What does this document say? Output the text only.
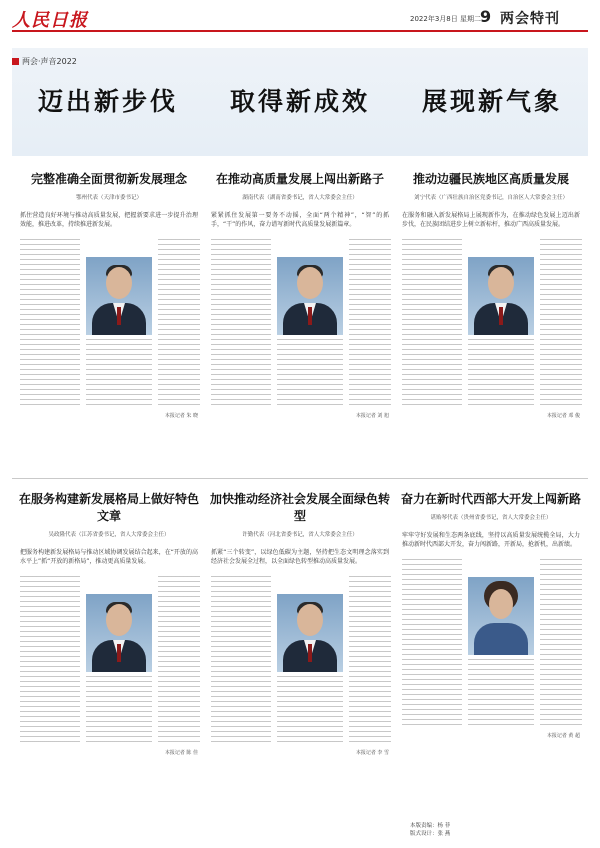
人民日报	2022年3月8日 星期二 9 两会特刊
两会·声音2022
迈出新步伐 取得新成效 展现新气象
完整准确全面贯彻新发展理念
鄂州代表（天津市委书记）
抓住营造良好环境与推动高质量发展，把握新要求进一步提升治理效能，推进改革，持续推进新发展。
本报记者 朱 晓
在推动高质量发展上闯出新路子
湖南代表（湖南省委书记，省人大常委会主任）
紧紧抓住发展第一要务不动摇，全面“两个精神”，“智”的抓手，“干”的作风，奋力谱写新时代高质量发展新篇章。
本报记者 刘 旭
推动边疆民族地区高质量发展
刘宁代表（广西壮族自治区党委书记，自治区人大常委会主任）
在服务和融入新发展格局上展现新作为，在推动绿色发展上迈出新步伐，在民族团结进步上树立新标杆，推动广西高质量发展。
本报记者 邓 俊
在服务构建新发展格局上做好特色文章
吴政隆代表（江苏省委书记，省人大常委会主任）
把服务构建新发展格局与推动区域协调发展结合起来，在“开放的高水平上”抓“开放的新格局”，推动更高质量发展。
本报记者 陈 佳
加快推动经济社会发展全面绿色转型
许勤代表（河北省委书记，省人大常委会主任）
抓紧“三个转变”，以绿色低碳为主题，坚持把生态文明理念落实到经济社会发展全过程，以全面绿色转型推动高质量发展。
本报记者 李 雪
奋力在新时代西部大开发上闯新路
谌贻琴代表（贵州省委书记，省人大常委会主任）
牢牢守好发展和生态两条底线，坚持以高质量发展统揽全局，大力推动新时代西部大开发，奋力闯新路，开新局，抢新机，出新绩。
本报记者 黄 超
本版责编：杨 菲
版式设计：张 燕
